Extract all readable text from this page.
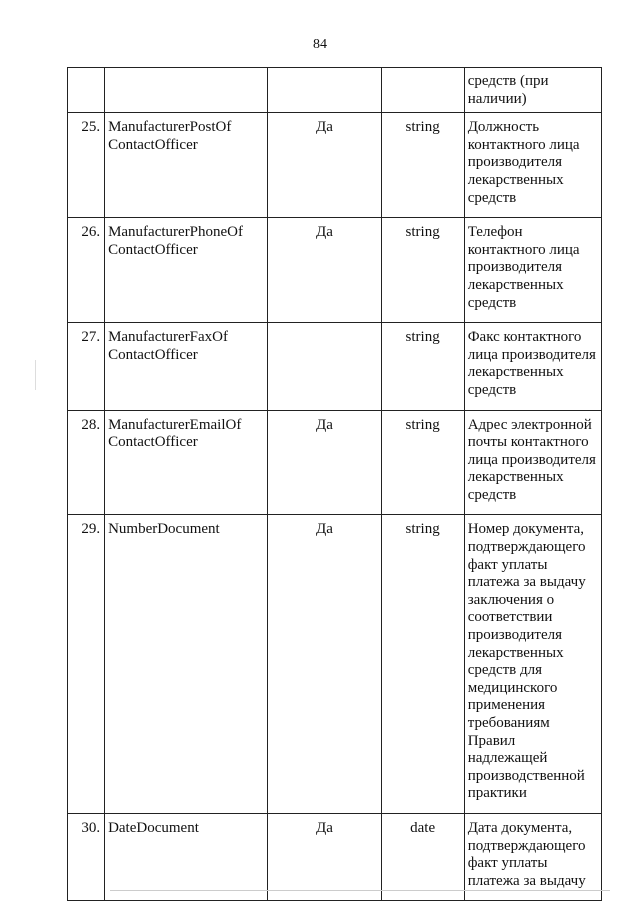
84
				средств (при наличии)
25.	ManufacturerPostOf ContactOfficer	Да	string	Должность контактного лица производителя лекарственных средств
26.	ManufacturerPhoneOf ContactOfficer	Да	string	Телефон контактного лица производителя лекарственных средств
27.	ManufacturerFaxOf ContactOfficer		string	Факс контактного лица производителя лекарственных средств
28.	ManufacturerEmailOf ContactOfficer	Да	string	Адрес электронной почты контактного лица производителя лекарственных средств
29.	NumberDocument	Да	string	Номер документа, подтверждающего факт уплаты платежа за выдачу заключения о соответствии производителя лекарственных средств для медицинского применения требованиям Правил надлежащей производственной практики
30.	DateDocument	Да	date	Дата документа, подтверждающего факт уплаты платежа за выдачу
